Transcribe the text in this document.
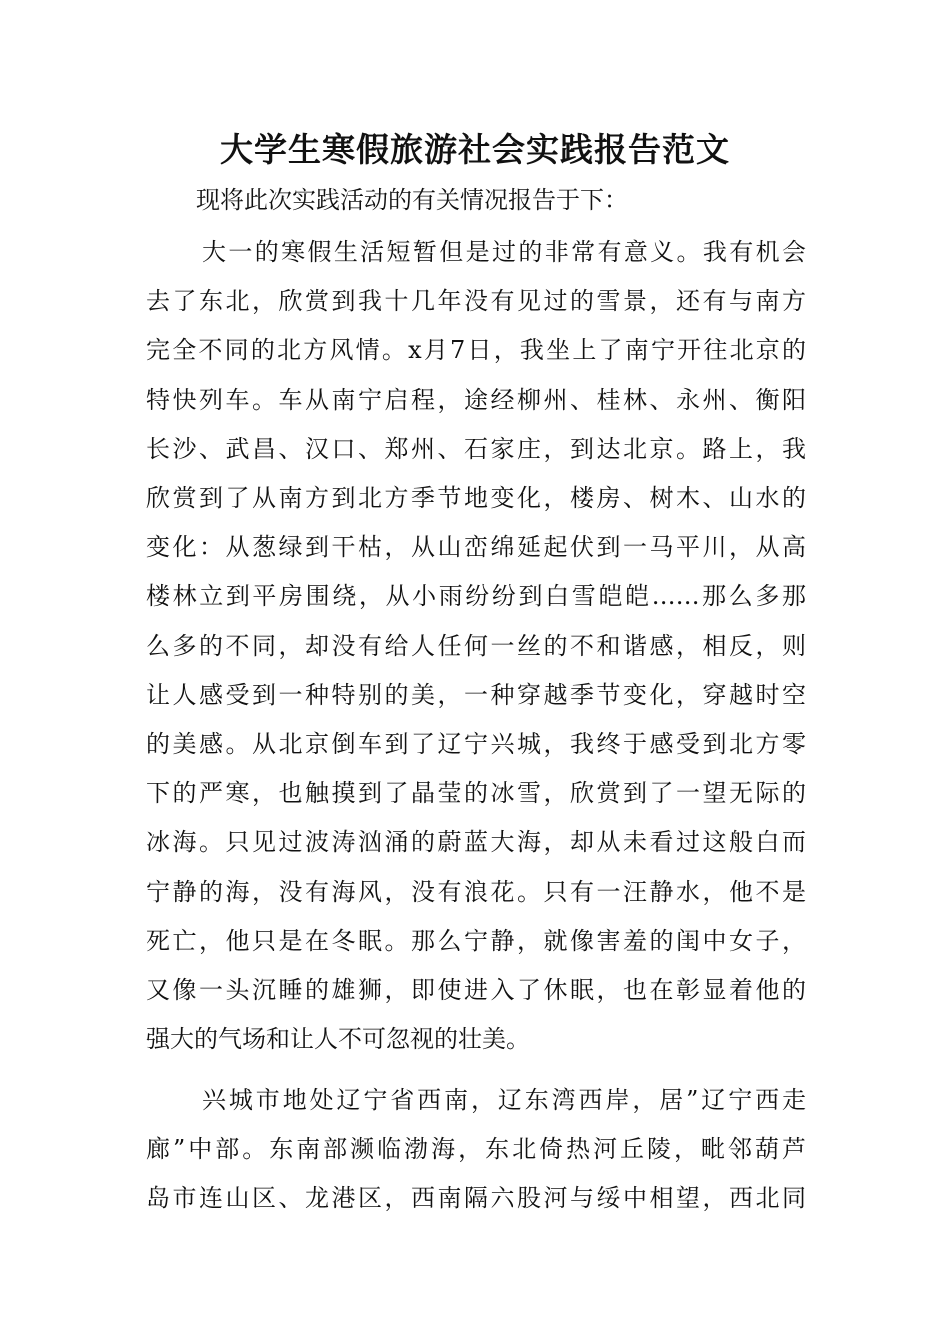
大学生寒假旅游社会实践报告范文

现将此次实践活动的有关情况报告于下：

大一的寒假生活短暂但是过的非常有意义。我有机会
去了东北，欣赏到我十几年没有见过的雪景，还有与南方
完全不同的北方风情。x月7日，我坐上了南宁开往北京的
特快列车。车从南宁启程，途经柳州、桂林、永州、衡阳
长沙、武昌、汉口、郑州、石家庄，到达北京。路上，我
欣赏到了从南方到北方季节地变化，楼房、树木、山水的
变化：从葱绿到干枯，从山峦绵延起伏到一马平川，从高
楼林立到平房围绕，从小雨纷纷到白雪皑皑……那么多那
么多的不同，却没有给人任何一丝的不和谐感，相反，则
让人感受到一种特别的美，一种穿越季节变化，穿越时空
的美感。从北京倒车到了辽宁兴城，我终于感受到北方零
下的严寒，也触摸到了晶莹的冰雪，欣赏到了一望无际的
冰海。只见过波涛汹涌的蔚蓝大海，却从未看过这般白而
宁静的海，没有海风，没有浪花。只有一汪静水，他不是
死亡，他只是在冬眠。那么宁静，就像害羞的闺中女子，
又像一头沉睡的雄狮，即使进入了休眠，也在彰显着他的
强大的气场和让人不可忽视的壮美。
兴城市地处辽宁省西南，辽东湾西岸，居”辽宁西走
廊”中部。东南部濒临渤海，东北倚热河丘陵，毗邻葫芦
岛市连山区、龙港区，西南隔六股河与绥中相望，西北同
